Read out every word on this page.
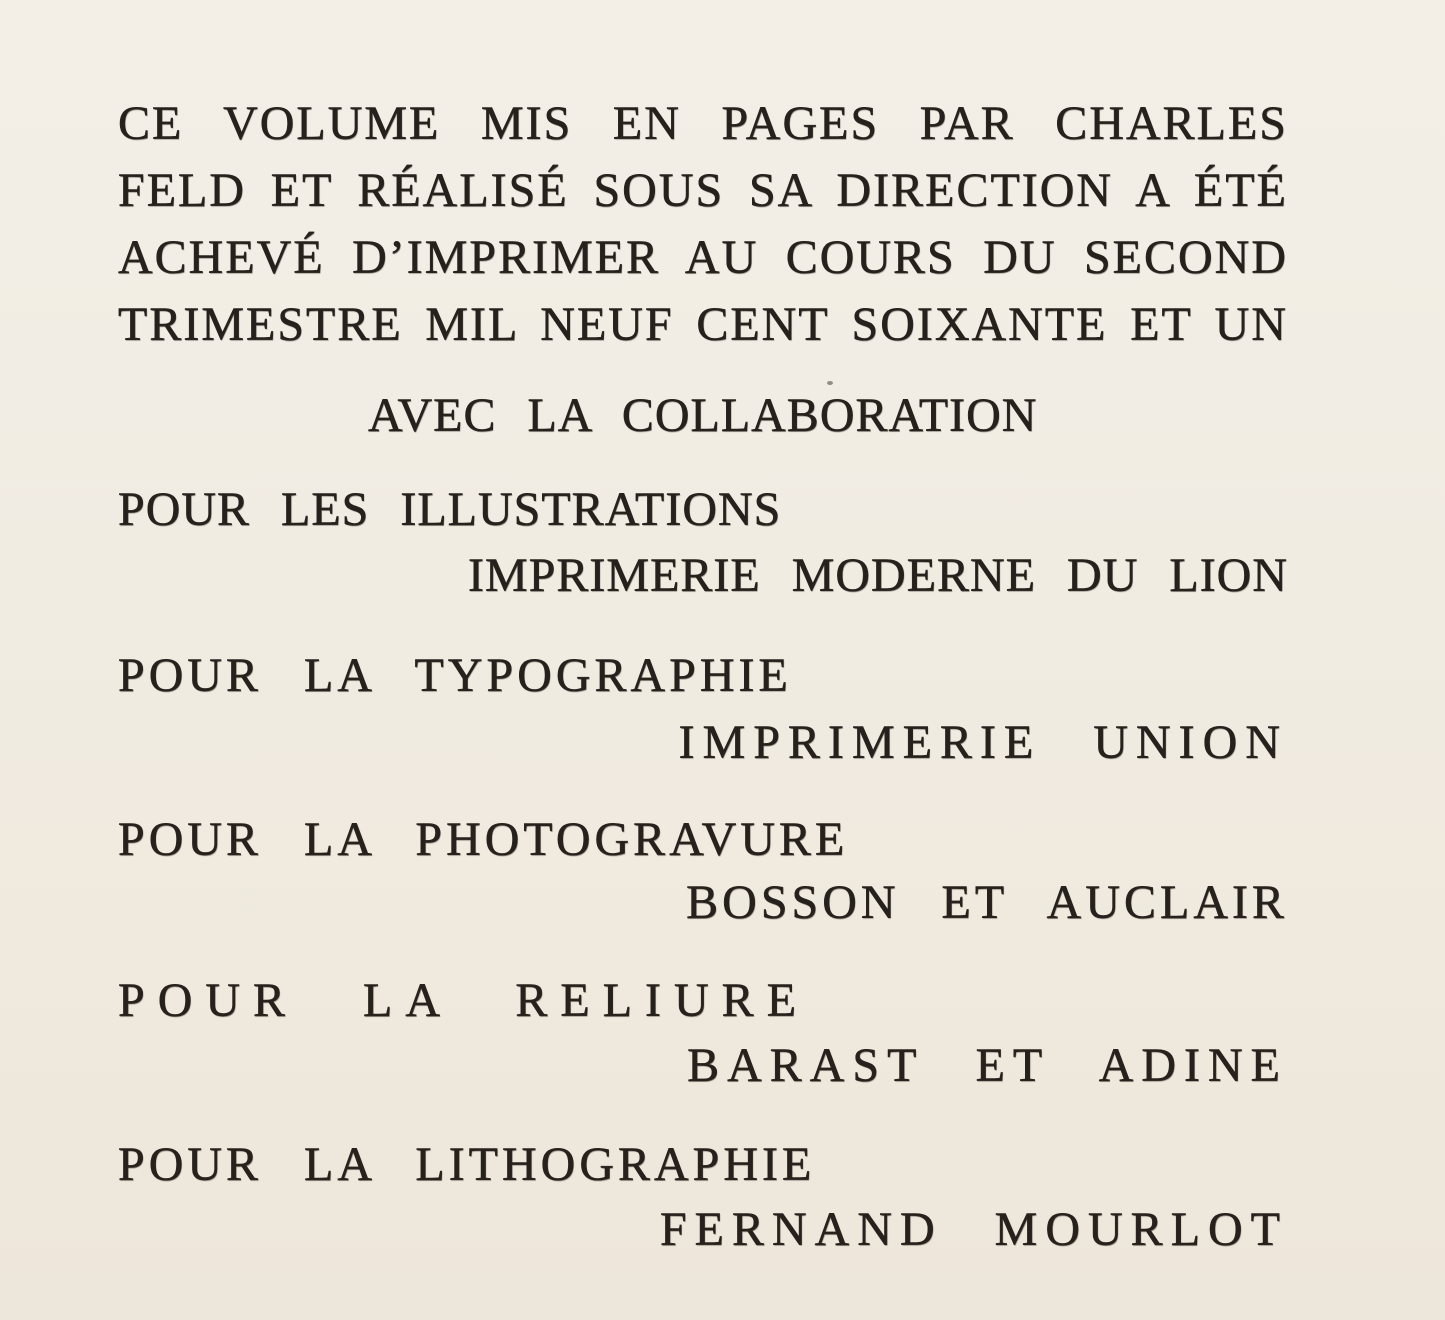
CE VOLUME MIS EN PAGES PAR CHARLES
FELD ET RÉALISÉ SOUS SA DIRECTION A ÉTÉ
ACHEVÉ D’IMPRIMER AU COURS DU SECOND
TRIMESTRE MIL NEUF CENT SOIXANTE ET UN
AVEC LA COLLABORATION
POUR LES ILLUSTRATIONS
IMPRIMERIE MODERNE DU LION
POUR LA TYPOGRAPHIE
IMPRIMERIE UNION
POUR LA PHOTOGRAVURE
BOSSON ET AUCLAIR
POUR LA RELIURE
BARAST ET ADINE
POUR LA LITHOGRAPHIE
FERNAND MOURLOT
